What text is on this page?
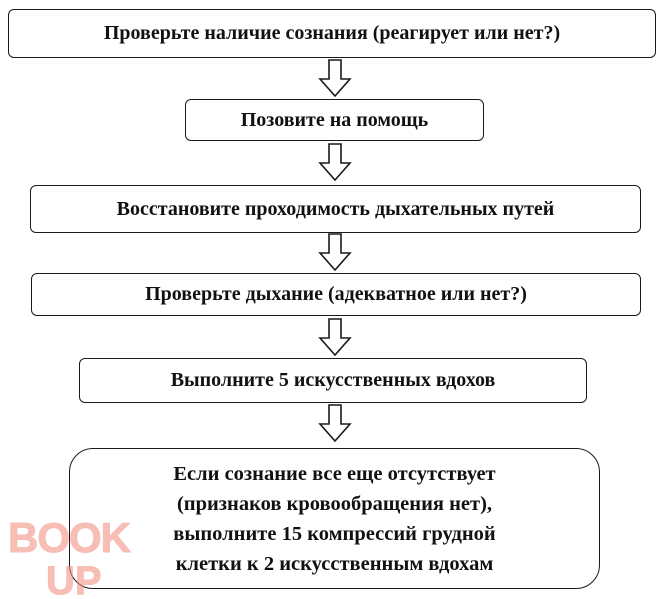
Проверьте наличие сознания (реагирует или нет?)
Позовите на помощь
Восстановите проходимость дыхательных путей
Проверьте дыхание (адекватное или нет?)
Выполните 5 искусственных вдохов
Если сознание все еще отсутствует
(признаков кровообращения нет),
выполните 15 компрессий грудной
клетки к 2 искусственным вдохам
BOOK
UP
